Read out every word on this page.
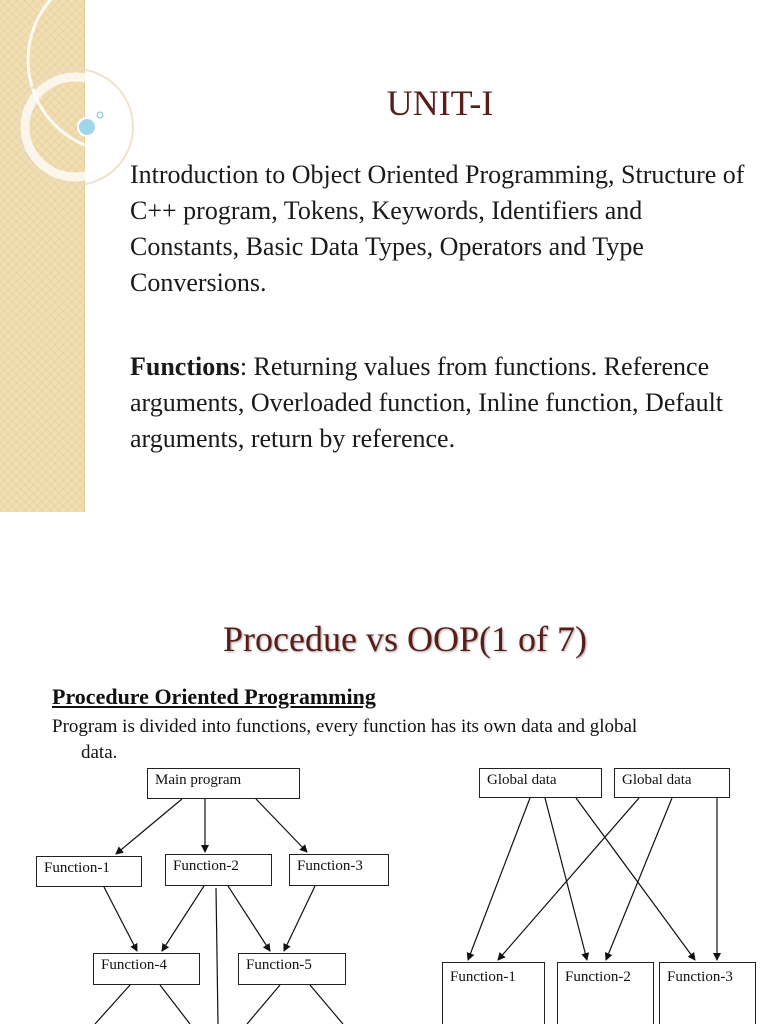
UNIT-I
Introduction to Object Oriented Programming, Structure of C++ program, Tokens, Keywords, Identifiers and Constants, Basic Data Types, Operators and Type Conversions.
Functions: Returning values from functions. Reference arguments, Overloaded function, Inline function, Default arguments, return by reference.
Procedue vs OOP(1 of 7)
Procedure Oriented Programming
Program is divided into functions, every function has its own data and global
data.
Main program
Function-1	Function-2	Function-3
Function-4	Function-5
Global data	Global data
Function-1	Function-2	Function-3
